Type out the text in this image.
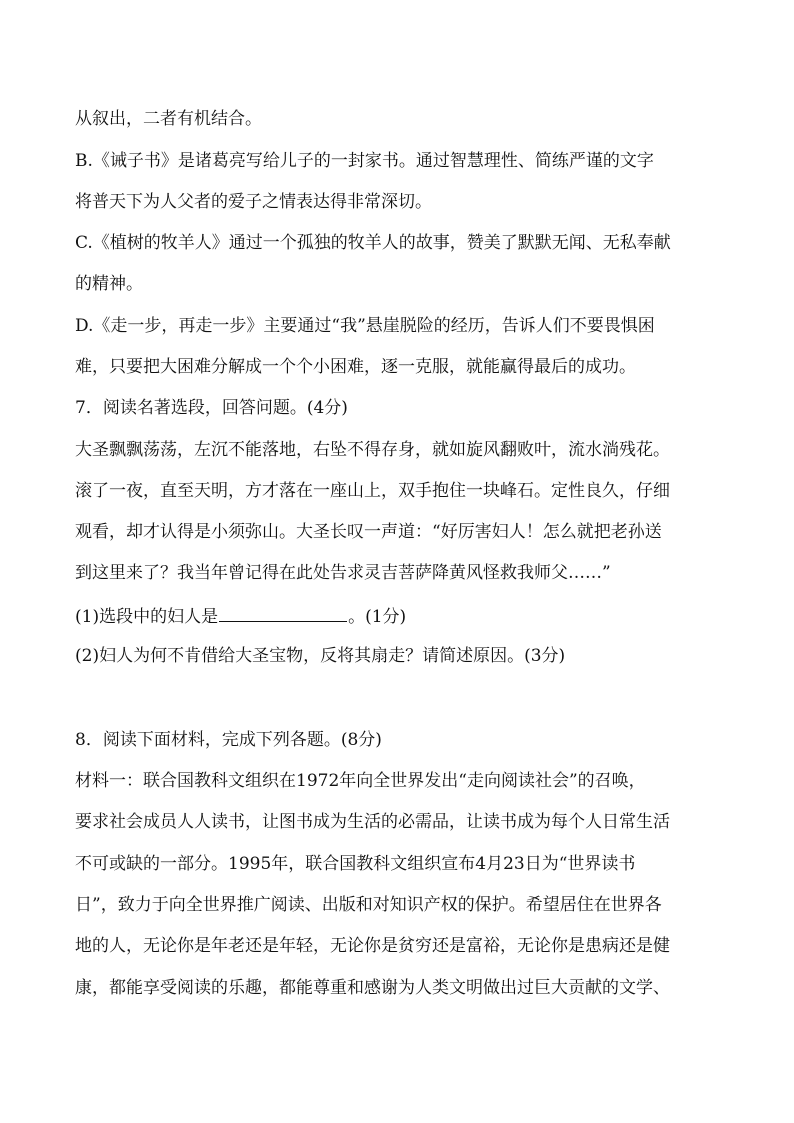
从叙出，二者有机结合。
B.《诫子书》是诸葛亮写给儿子的一封家书。通过智慧理性、简练严谨的文字
将普天下为人父者的爱子之情表达得非常深切。
C.《植树的牧羊人》通过一个孤独的牧羊人的故事，赞美了默默无闻、无私奉献
的精神。
D.《走一步，再走一步》主要通过“我”悬崖脱险的经历，告诉人们不要畏惧困
难，只要把大困难分解成一个个小困难，逐一克服，就能赢得最后的成功。
7．阅读名著选段，回答问题。(4分)
大圣飘飘荡荡，左沉不能落地，右坠不得存身，就如旋风翻败叶，流水淌残花。
滚了一夜，直至天明，方才落在一座山上，双手抱住一块峰石。定性良久，仔细
观看，却才认得是小须弥山。大圣长叹一声道：“好厉害妇人！怎么就把老孙送
到这里来了？我当年曾记得在此处告求灵吉菩萨降黄风怪救我师父……”
(1)选段中的妇人是	。(1分)
(2)妇人为何不肯借给大圣宝物，反将其扇走？请简述原因。(3分)
8．阅读下面材料，完成下列各题。(8分)
材料一：联合国教科文组织在1972年向全世界发出“走向阅读社会”的召唤，
要求社会成员人人读书，让图书成为生活的必需品，让读书成为每个人日常生活
不可或缺的一部分。1995年，联合国教科文组织宣布4月23日为“世界读书
日”，致力于向全世界推广阅读、出版和对知识产权的保护。希望居住在世界各
地的人，无论你是年老还是年轻，无论你是贫穷还是富裕，无论你是患病还是健
康，都能享受阅读的乐趣，都能尊重和感谢为人类文明做出过巨大贡献的文学、
